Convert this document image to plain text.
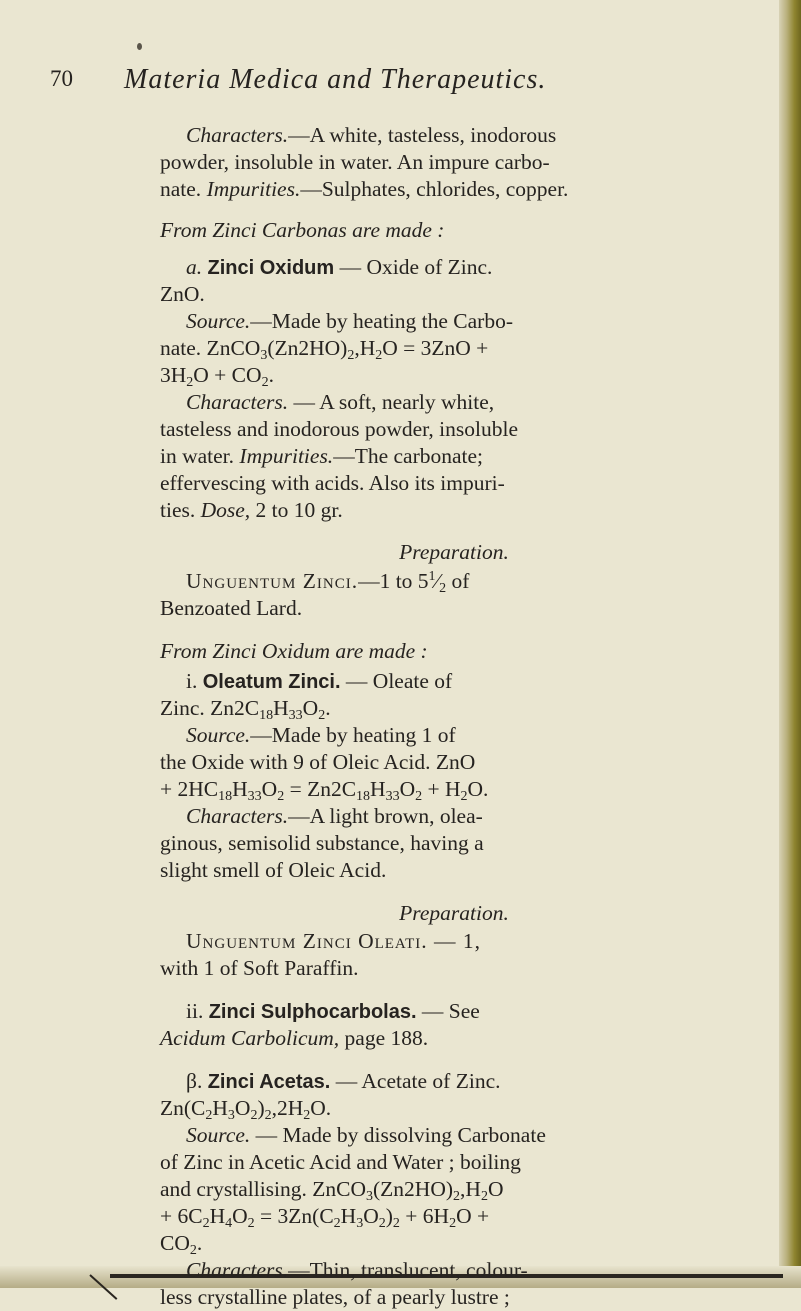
70 Materia Medica and Therapeutics.
Characters.—A white, tasteless, inodorous
powder, insoluble in water. An impure carbo-
nate. Impurities.—Sulphates, chlorides, copper.
From Zinci Carbonas are made :
a. Zinci Oxidum — Oxide of Zinc.
ZnO.
Source.—Made by heating the Carbo-
nate. $ZnCO_3(Zn2HO)_2,H_2O = 3ZnO$ +
$3H_2O + CO_2$.
Characters. — A soft, nearly white,
tasteless and inodorous powder, insoluble
in water. Impurities.—The carbonate;
effervescing with acids. Also its impuri-
ties. Dose, 2 to 10 gr.
Preparation.
Unguentum Zinci.—1 to $5^1⁄_2$ of
Benzoated Lard.
From Zinci Oxidum are made :
i. Oleatum Zinci. — Oleate of
Zinc. $Zn2C_{18}H_{33}O_2$.
Source.—Made by heating 1 of
the Oxide with 9 of Oleic Acid. ZnO
+ $2HC_{18}H_{33}O_2 = Zn2C_{18}H_{33}O_2 + H_2O$.
Characters.—A light brown, olea-
ginous, semisolid substance, having a
slight smell of Oleic Acid.
Preparation.
Unguentum Zinci Oleati. — 1,
with 1 of Soft Paraffin.
ii. Zinci Sulphocarbolas. — See
Acidum Carbolicum, page 188.
β. Zinci Acetas. — Acetate of Zinc.
$Zn(C_2H_3O_2)_2,2H_2O$.
Source. — Made by dissolving Carbonate
of Zinc in Acetic Acid and Water ; boiling
and crystallising. $ZnCO_3(Zn2HO)_2,H_2O$
+ $6C_2H_4O_2 = 3Zn(C_2H_3O_2)_2 + 6H_2O$ +
$CO_2$.
Characters.—Thin, translucent, colour-
less crystalline plates, of a pearly lustre ;
